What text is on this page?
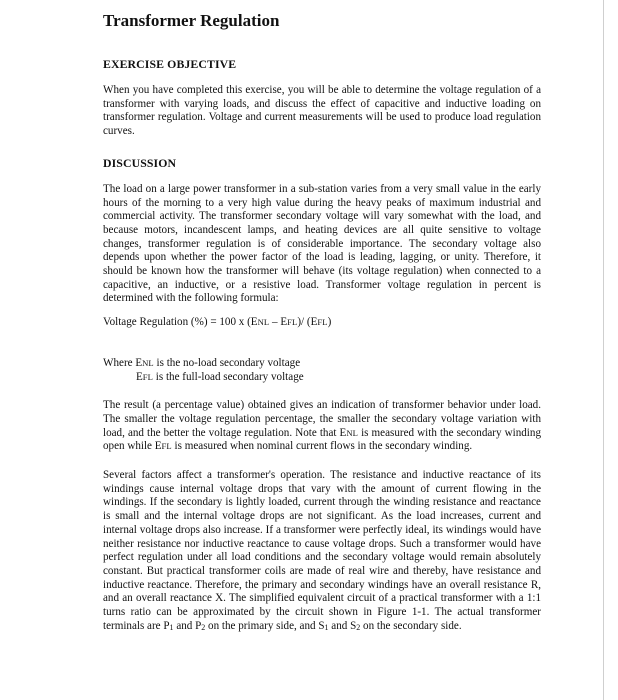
Transformer Regulation
EXERCISE OBJECTIVE

When you have completed this exercise, you will be able to determine the voltage regulation of a transformer with varying loads, and discuss the effect of capacitive and inductive loading on transformer regulation. Voltage and current measurements will be used to produce load regulation curves.

DISCUSSION

The load on a large power transformer in a sub-station varies from a very small value in the early hours of the morning to a very high value during the heavy peaks of maximum industrial and commercial activity. The transformer secondary voltage will vary somewhat with the load, and because motors, incandescent lamps, and heating devices are all quite sensitive to voltage changes, transformer regulation is of considerable importance. The secondary voltage also depends upon whether the power factor of the load is leading, lagging, or unity. Therefore, it should be known how the transformer will behave (its voltage regulation) when connected to a capacitive, an inductive, or a resistive load. Transformer voltage regulation in percent is determined with the following formula:

Voltage Regulation (%) = 100 x (ENL – EFL)/ (EFL)

Where ENL is the no-load secondary voltage

EFL is the full-load secondary voltage

The result (a percentage value) obtained gives an indication of transformer behavior under load. The smaller the voltage regulation percentage, the smaller the secondary voltage variation with load, and the better the voltage regulation. Note that ENL is measured with the secondary winding open while EFL is measured when nominal current flows in the secondary winding.

Several factors affect a transformer's operation. The resistance and inductive reactance of its windings cause internal voltage drops that vary with the amount of current flowing in the windings. If the secondary is lightly loaded, current through the winding resistance and reactance is small and the internal voltage drops are not significant. As the load increases, current and internal voltage drops also increase. If a transformer were perfectly ideal, its windings would have neither resistance nor inductive reactance to cause voltage drops. Such a transformer would have perfect regulation under all load conditions and the secondary voltage would remain absolutely constant. But practical transformer coils are made of real wire and thereby, have resistance and inductive reactance. Therefore, the primary and secondary windings have an overall resistance R, and an overall reactance X. The simplified equivalent circuit of a practical transformer with a 1:1 turns ratio can be approximated by the circuit shown in Figure 1-1. The actual transformer terminals are $P_1$ and $P_2$ on the primary side, and $S_1$ and $S_2$ on the secondary side.
